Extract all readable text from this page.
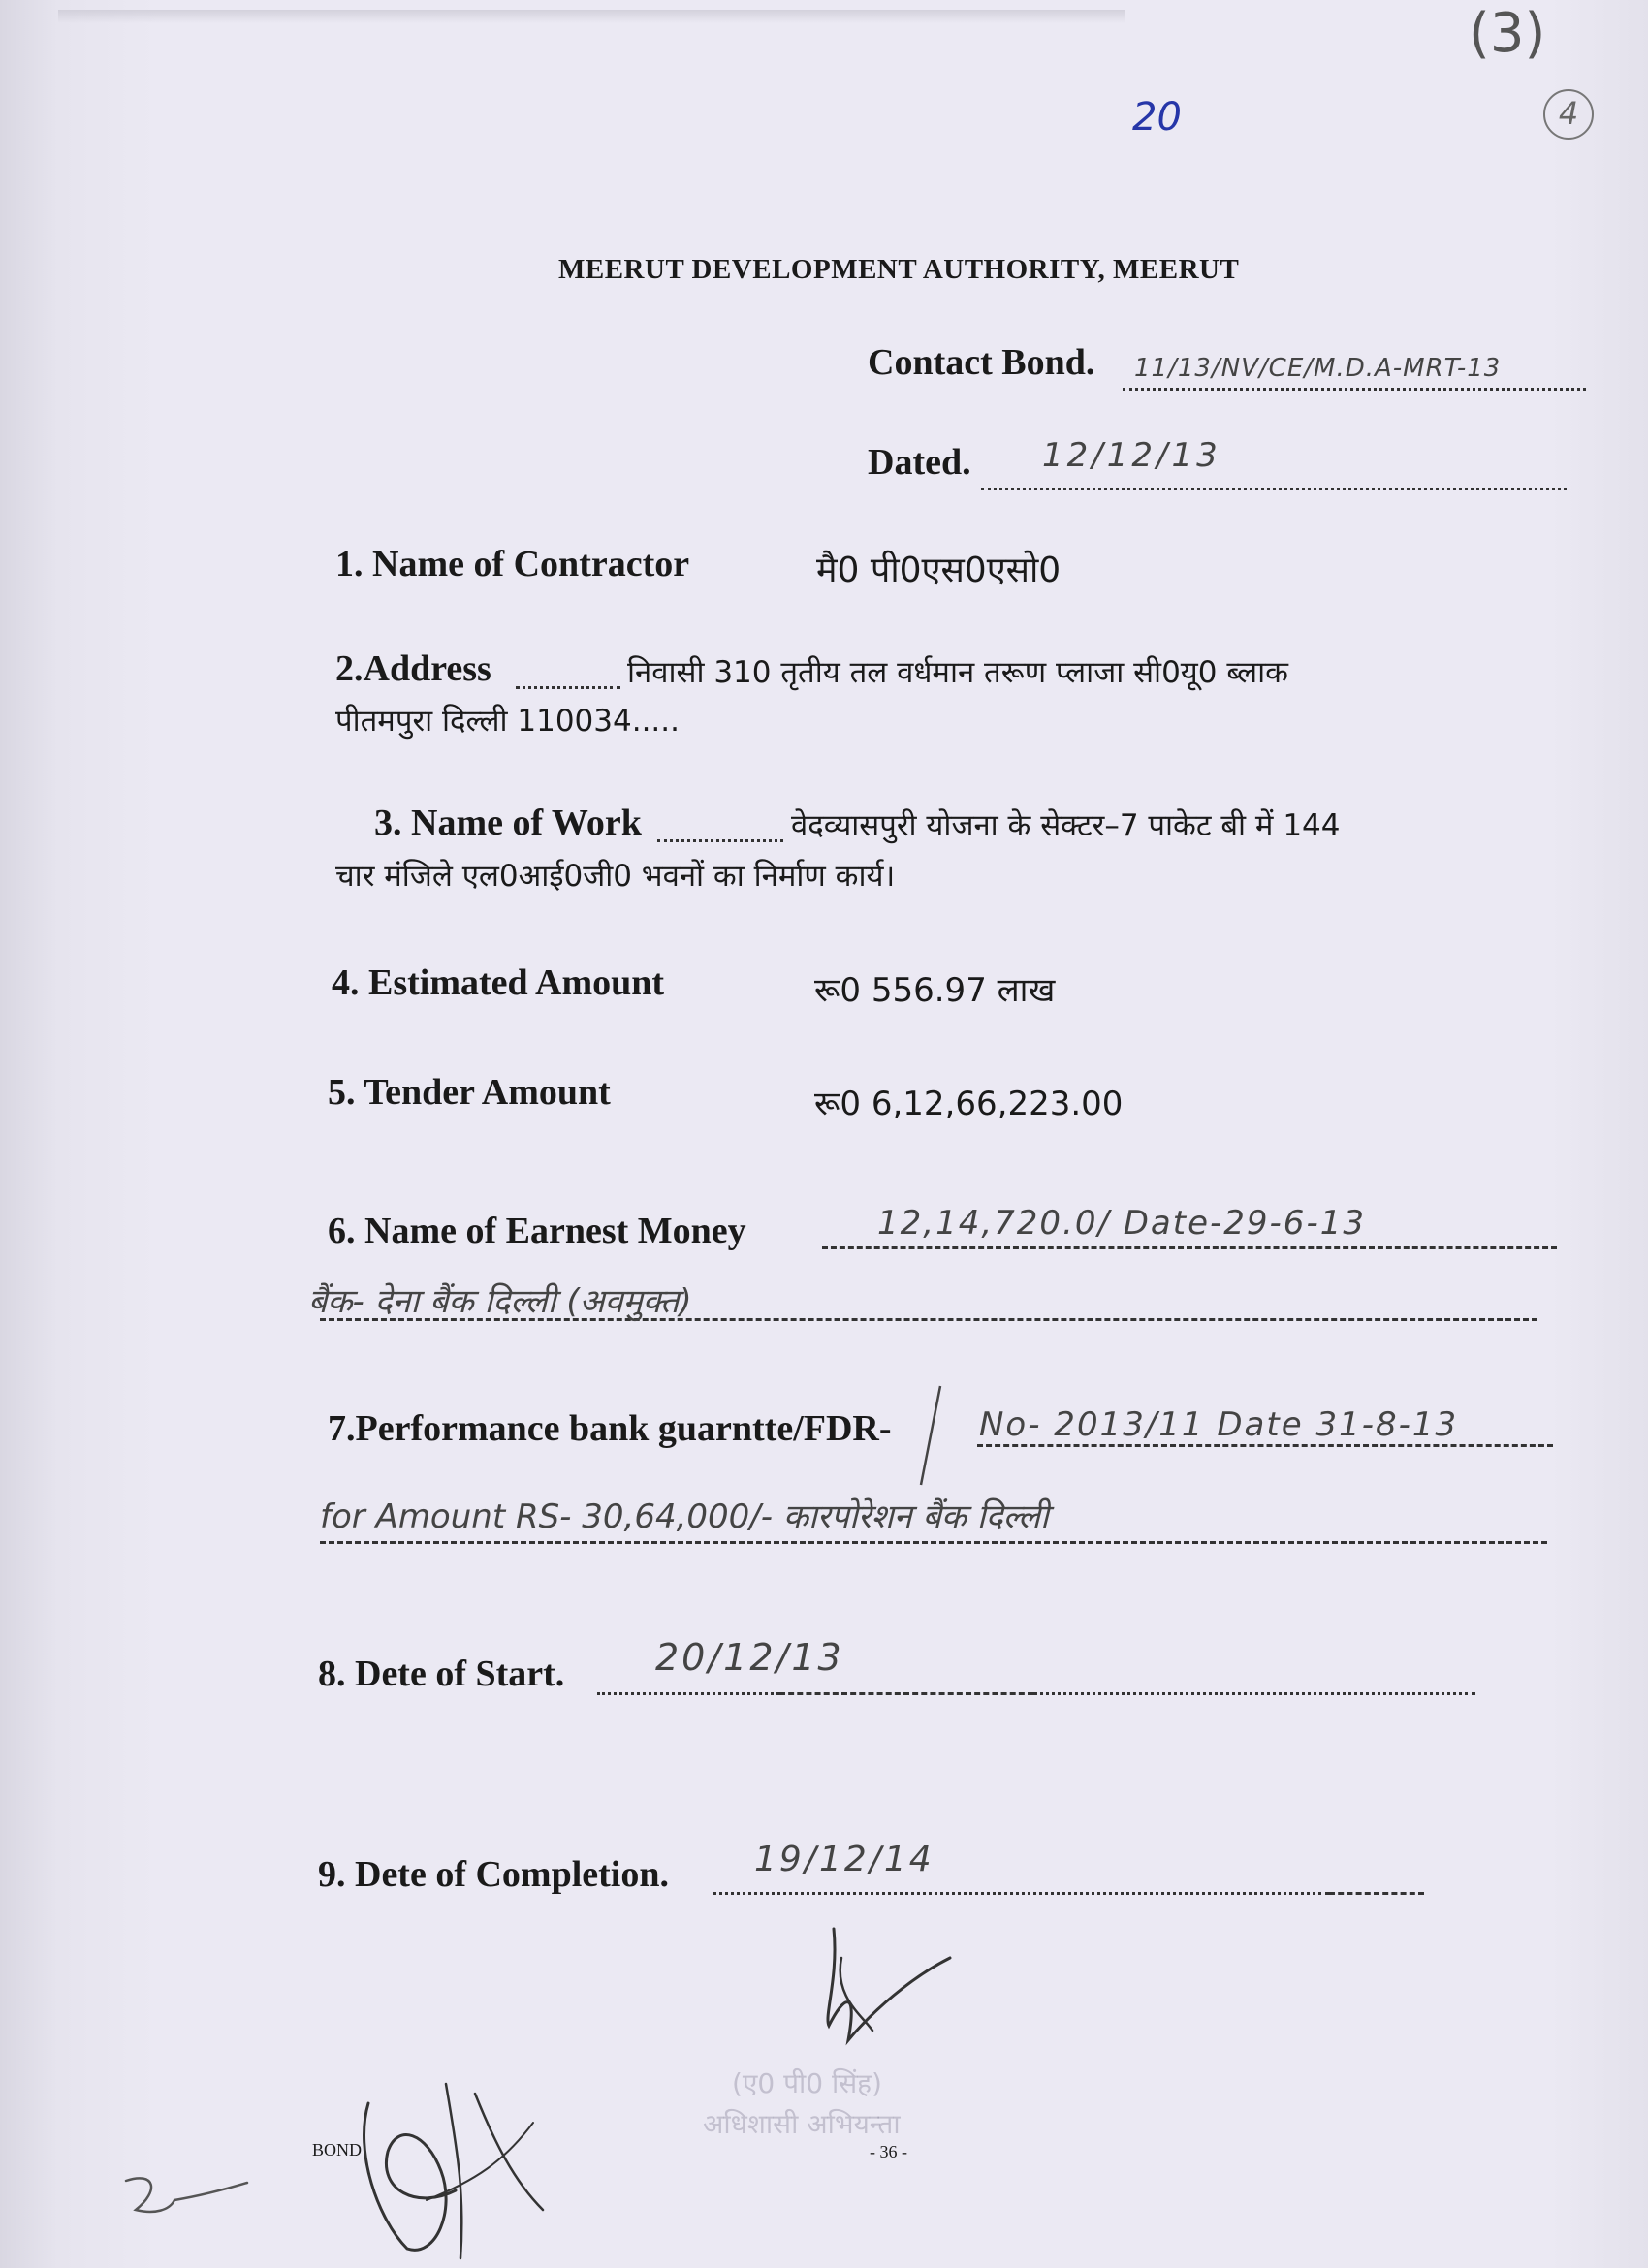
(3)
4
20
MEERUT DEVELOPMENT AUTHORITY, MEERUT
Contact Bond. 11/13/NV/CE/M.D.A-MRT-13
Dated. 12/12/13
1. Name of Contractor	मै0 पी0एस0एसो0
2.Address	निवासी 310 तृतीय तल वर्धमान तरूण प्लाजा सी0यू0 ब्लाक
पीतमपुरा दिल्ली 110034.....
3. Name of Work	वेदव्यासपुरी योजना के सेक्टर–7 पाकेट बी में 144
चार मंजिले एल0आई0जी0 भवनों का निर्माण कार्य।
4. Estimated Amount	रू0 556.97 लाख
5. Tender Amount	रू0 6,12,66,223.00
6. Name of Earnest Money	12,14,720.0/ Date-29-6-13
बैंक- देना बैंक दिल्ली (अवमुक्त)
7.Performance bank guarntte/FDR-	No- 2013/11 Date 31-8-13
for Amount RS- 30,64,000/- कारपोरेशन बैंक दिल्ली
8. Dete of Start. 20/12/13
9. Dete of Completion. 19/12/14
(ए0 पी0 सिंह)
अधिशासी अभियन्ता
BOND	- 36 -
